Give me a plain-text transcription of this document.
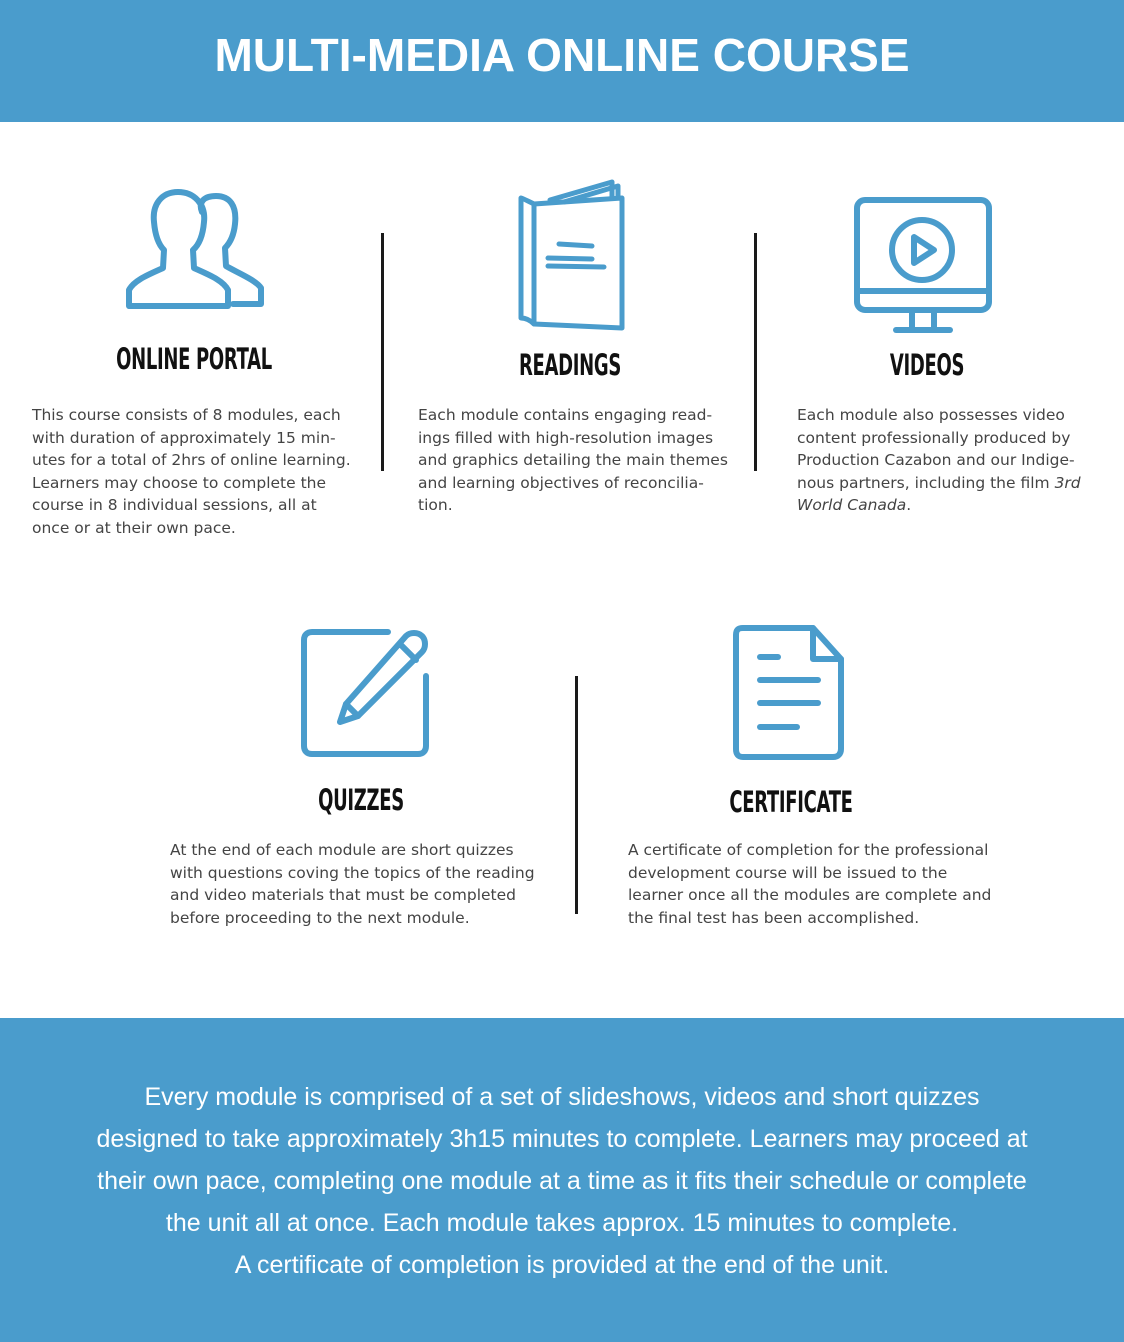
MULTI-MEDIA ONLINE COURSE
ONLINE PORTAL

This course consists of 8 modules, each
with duration of approximately 15 min-
utes for a total of 2hrs of online learning.
Learners may choose to complete the
course in 8 individual sessions, all at
once or at their own pace.

READINGS

Each module contains engaging read-
ings filled with high-resolution images
and graphics detailing the main themes
and learning objectives of reconcilia-
tion.

VIDEOS

Each module also possesses video
content professionally produced by
Production Cazabon and our Indige-
nous partners, including the film 3rd
World Canada.

QUIZZES

At the end of each module are short quizzes
with questions coving the topics of the reading
and video materials that must be completed
before proceeding to the next module.

CERTIFICATE

A certificate of completion for the professional
development course will be issued to the
learner once all the modules are complete and
the final test has been accomplished.

Every module is comprised of a set of slideshows, videos and short quizzes
designed to take approximately 3h15 minutes to complete. Learners may proceed at
their own pace, completing one module at a time as it fits their schedule or complete
the unit all at once. Each module takes approx. 15 minutes to complete.
A certificate of completion is provided at the end of the unit.
